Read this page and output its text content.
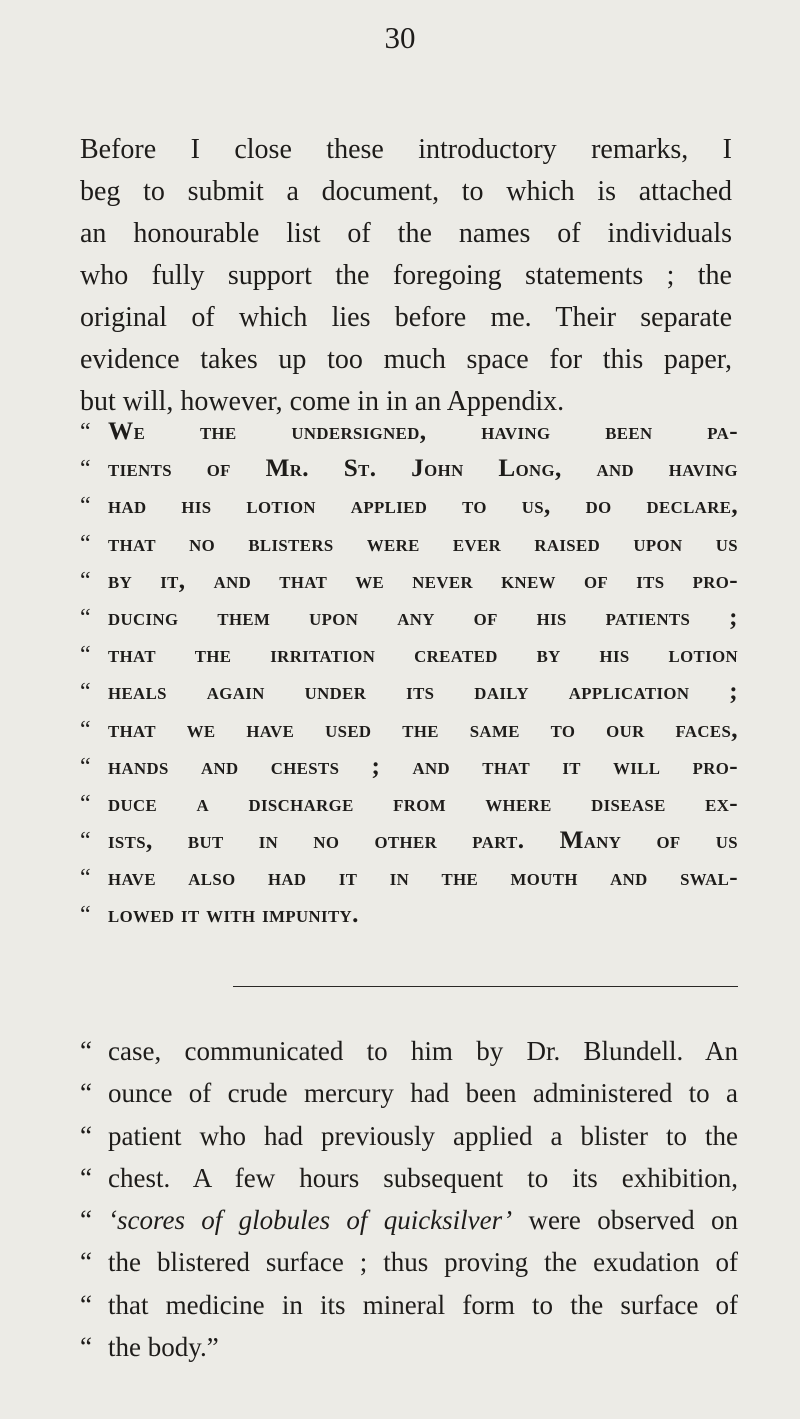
30
Before I close these introductory remarks, I
beg to submit a document, to which is attached
an honourable list of the names of individuals
who fully support the foregoing statements ; the
original of which lies before me. Their separate
evidence takes up too much space for this paper,
but will, however, come in in an Appendix.
“ WE	THE	UNDERSIGNED, HAVING	BEEN	PA-
“	TIENTS OF MR. ST. JOHN LONG, AND HAVING
“	HAD HIS LOTION APPLIED TO US, DO DECLARE,
“	THAT NO BLISTERS WERE EVER RAISED UPON US
“	BY IT, AND THAT WE NEVER KNEW OF ITS PRO-
“	DUCING THEM UPON ANY OF HIS PATIENTS ;
“	THAT THE IRRITATION CREATED BY HIS LOTION
“	HEALS AGAIN UNDER ITS DAILY APPLICATION ;
“	THAT WE HAVE USED THE SAME TO OUR FACES,
“	HANDS AND CHESTS ; AND THAT IT WILL PRO-
“	DUCE A DISCHARGE FROM WHERE DISEASE EX-
“	ISTS, BUT IN NO OTHER PART. MANY OF US
“	HAVE ALSO HAD IT IN THE MOUTH AND SWAL-
“	LOWED IT WITH IMPUNITY.
“ case, communicated to him by Dr. Blundell. An
“ ounce of crude mercury had been administered to a
“ patient who had previously applied a blister to the
“ chest. A few hours subsequent to its exhibition,
“ ‘scores of globules of quicksilver’ were observed on
“ the blistered surface ; thus proving the exudation of
“ that medicine in its mineral form to the surface of
“ the body.”
